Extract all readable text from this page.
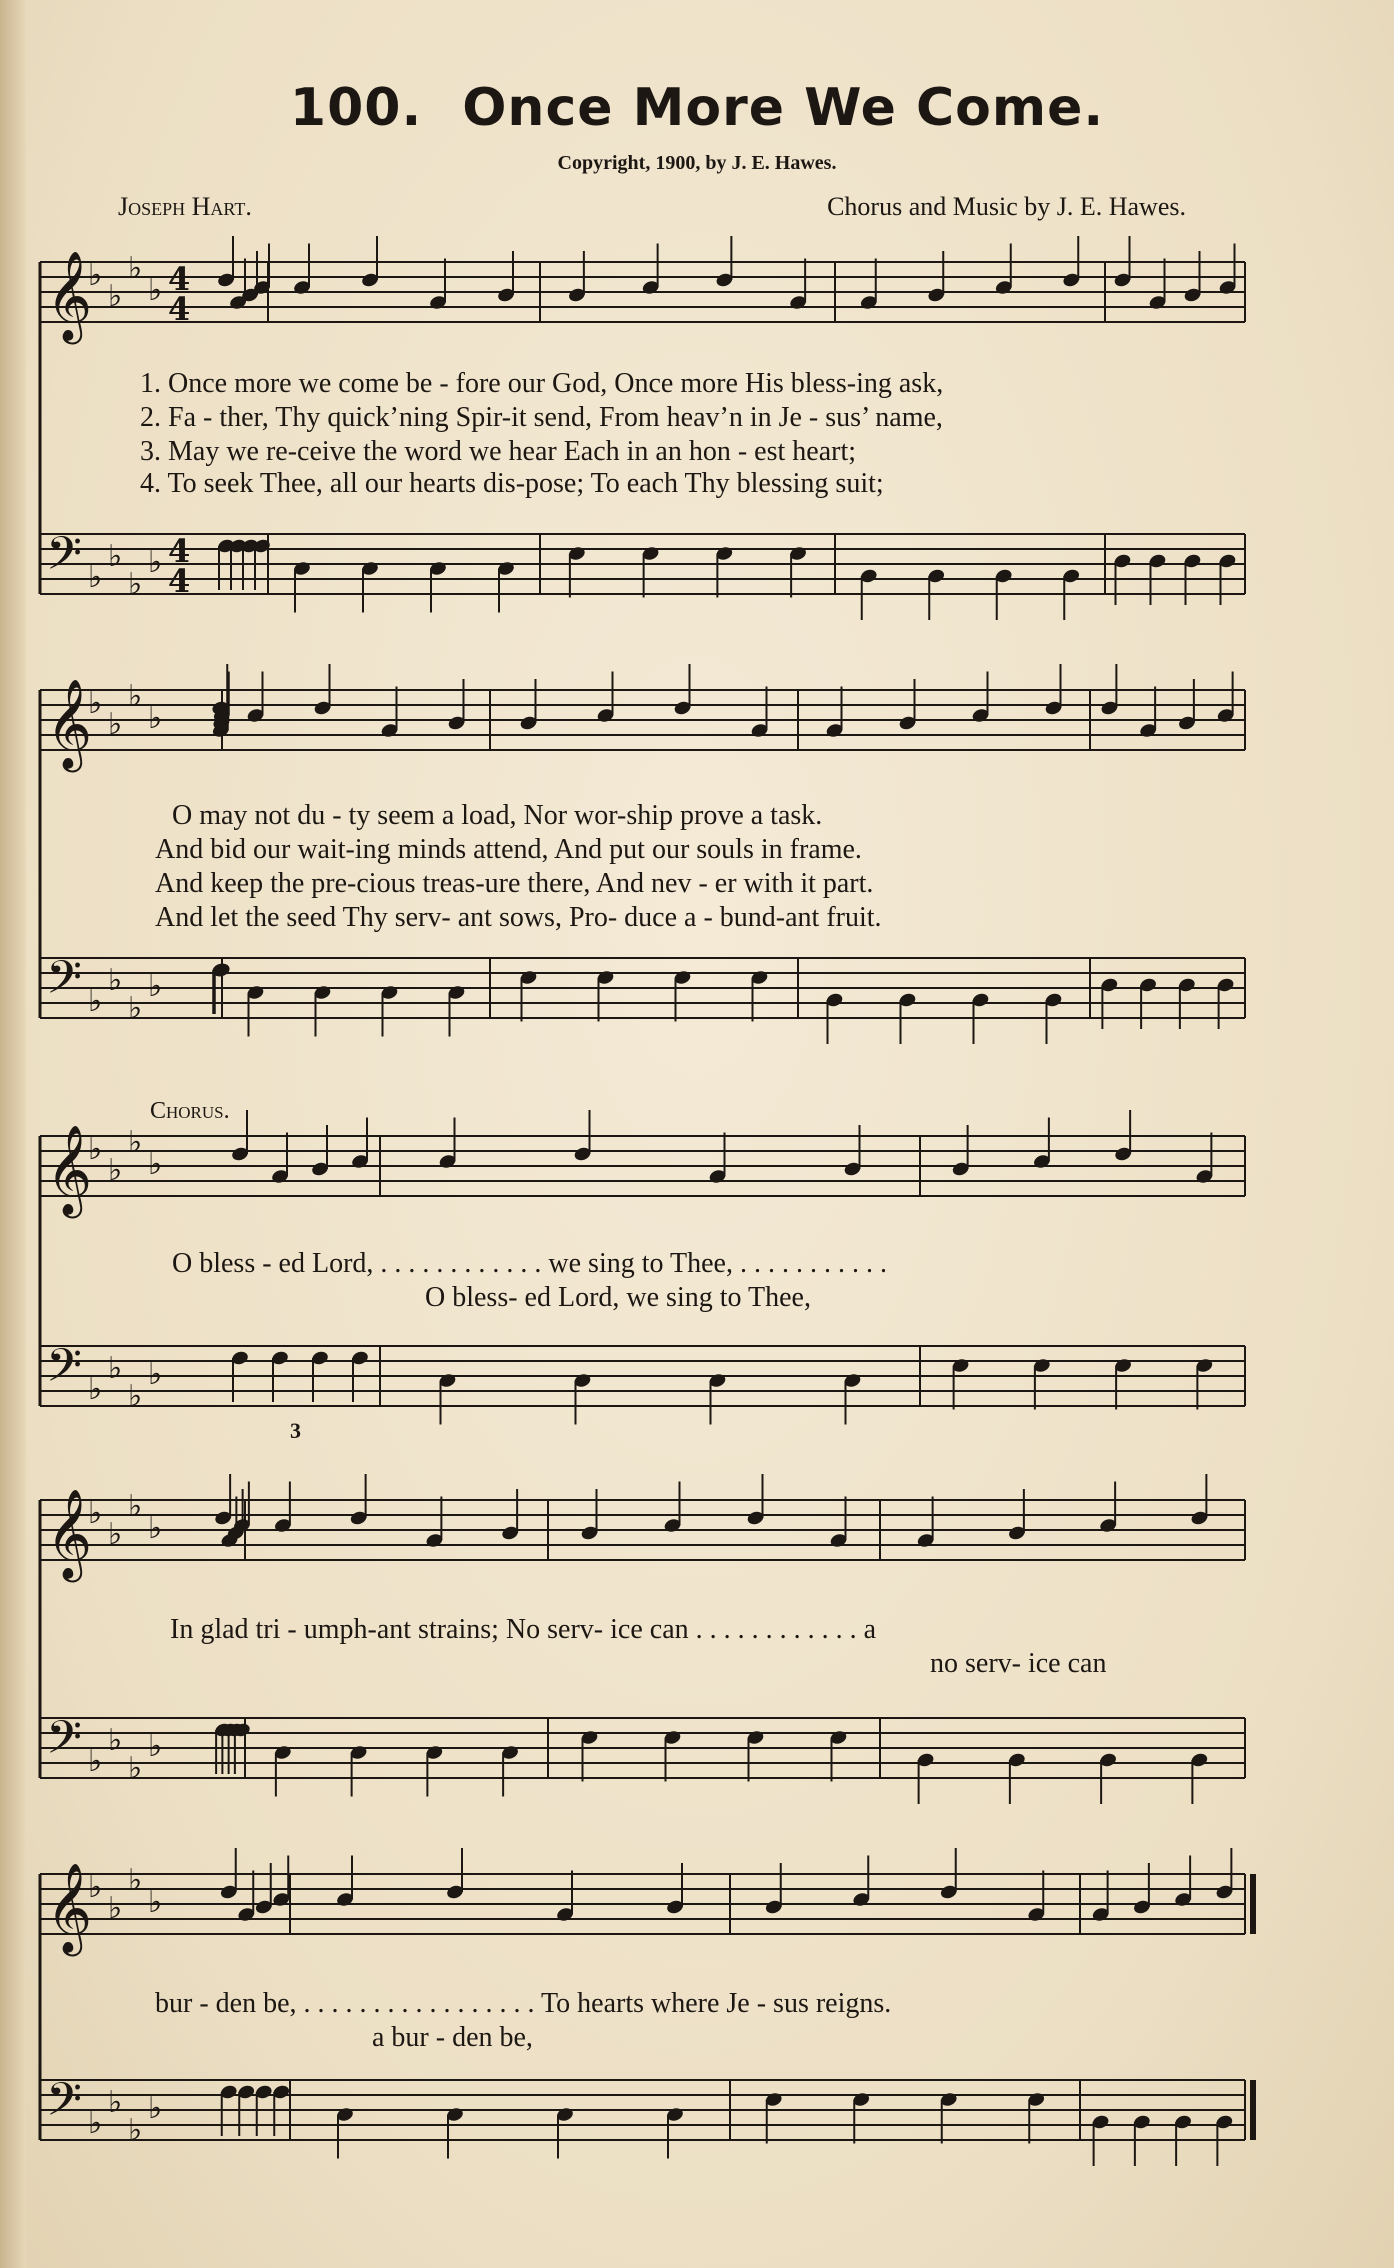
100. Once More We Come.
Copyright, 1900, by J. E. Hawes.
Joseph Hart.	Chorus and Music by J. E. Hawes.
𝄞
♭
♭
♭
♭
𝄢 ♭
♭
♭
♭
𝄞
♭
♭
♭
♭
𝄢 ♭
♭
♭
♭
𝄞
♭
♭
♭
♭
𝄢 ♭
♭
♭
♭
𝄞
♭
♭
♭
♭
𝄢 ♭
♭
♭
♭
𝄞
♭
♭
♭
♭
𝄢 ♭
♭
♭
♭
4
4
4
4
1. Once more we come be - fore our God, Once more His bless-ing ask,
2. Fa - ther, Thy quick’ning Spir-it send, From heav’n in Je - sus’ name,
3. May we re-ceive the word we hear Each in an hon - est heart;
4. To seek Thee, all our hearts dis-pose; To each Thy blessing suit;
O may not du - ty seem a load, Nor wor-ship prove a task.
And bid our wait-ing minds attend, And put our souls in frame.
And keep the pre-cious treas-ure there, And nev - er with it part.
And let the seed Thy serv- ant sows, Pro- duce a - bund-ant fruit.
Chorus.
O bless - ed Lord, . . . . . . . . . . . . we sing to Thee, . . . . . . . . . . .
O bless- ed Lord, we sing to Thee,
3
In glad tri - umph-ant strains; No serv- ice can . . . . . . . . . . . . a
no serv- ice can
bur - den be, . . . . . . . . . . . . . . . . . To hearts where Je - sus reigns.
a bur - den be,
